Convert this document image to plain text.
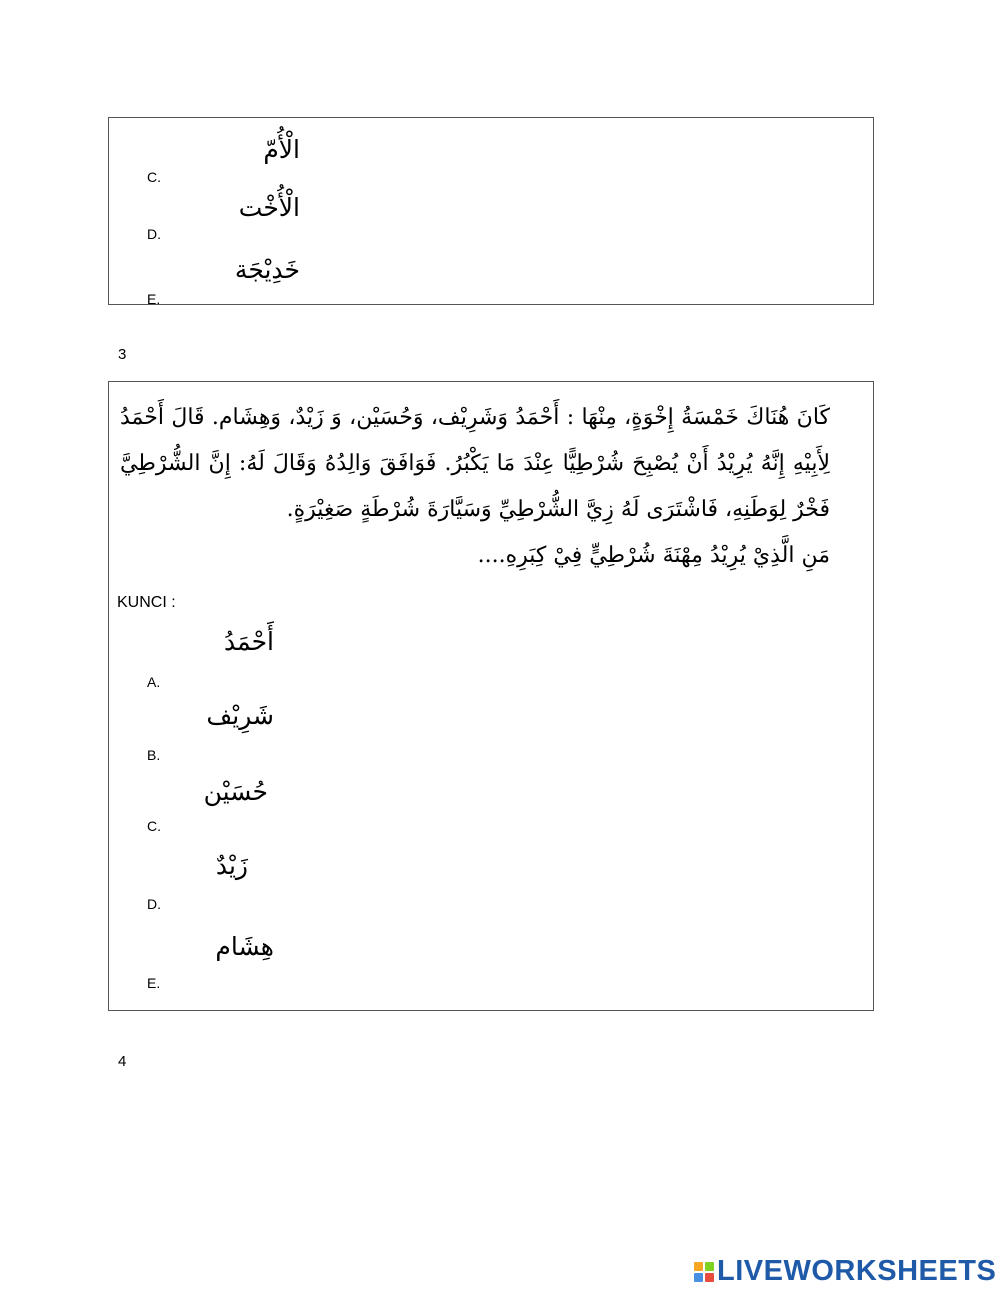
الْأُمّ
C.
الْأُخْت
D.
خَدِيْجَة
E.
3
كَانَ هُنَاكَ خَمْسَةُ إِخْوَةٍ، مِنْهَا : أَحْمَدُ وَشَرِيْف، وَحُسَيْن، وَ زَيْدٌ، وَهِشَام. قَالَ أَحْمَدُ لِأَبِيْهِ إِنَّهُ يُرِيْدُ أَنْ يُصْبِحَ شُرْطِيًّا عِنْدَ مَا يَكْبُرُ. فَوَافَقَ وَالِدُهُ وَقَالَ لَهُ: إِنَّ الشُّرْطِيَّ فَخْرٌ لِوَطَنِهِ، فَاشْتَرَى لَهُ زِيَّ الشُّرْطِيِّ وَسَيَّارَةَ شُرْطَةٍ صَغِيْرَةٍ.
مَنِ الَّذِيْ يُرِيْدُ مِهْنَةَ شُرْطِيٍّ فِيْ كِبَرِهِ....
KUNCI :
أَحْمَدُ
A.
شَرِيْف
B.
حُسَيْن
C.
زَيْدٌ
D.
هِشَام
E.
4
LIVEWORKSHEETS
